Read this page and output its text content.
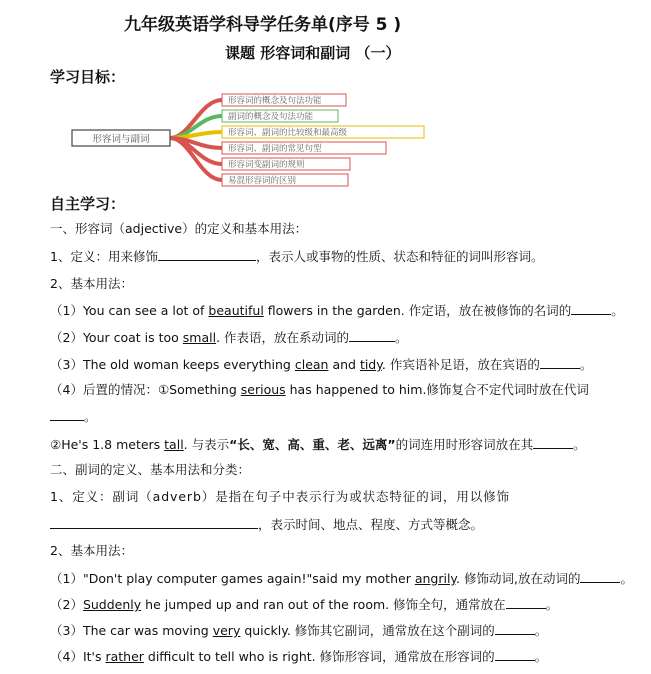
九年级英语学科导学任务单(序号 5 )
课题 形容词和副词 （一）
学习目标：
形容词与副词
形容词的概念及句法功能
副词的概念及句法功能
形容词、副词的比较级和最高级
形容词、副词的常见句型
形容词变副词的规则
易混形容词的区别
自主学习：
一、形容词（adjective）的定义和基本用法：
1、定义：用来修饰	，表示人或事物的性质、状态和特征的词叫形容词。
2、基本用法：
（1）You can see a lot of beautiful flowers in the garden. 作定语，放在被修饰的名词的	。
（2）Your coat is too small. 作表语，放在系动词的	。
（3）The old woman keeps everything clean and tidy. 作宾语补足语，放在宾语的	。
（4）后置的情况：①Something serious has happened to him.修饰复合不定代词时放在代词
。
②He's 1.8 meters tall. 与表示“长、宽、高、重、老、远离”的词连用时形容词放在其	。
二、副词的定义、基本用法和分类：
1、定义：副词（adverb）是指在句子中表示行为或状态特征的词，用以修饰
，表示时间、地点、程度、方式等概念。
2、基本用法：
（1）"Don't play computer games again!"said my mother angrily. 修饰动词,放在动词的	。
（2）Suddenly he jumped up and ran out of the room. 修饰全句，通常放在	。
（3）The car was moving very quickly. 修饰其它副词，通常放在这个副词的	。
（4）It's rather difficult to tell who is right. 修饰形容词，通常放在形容词的	。
